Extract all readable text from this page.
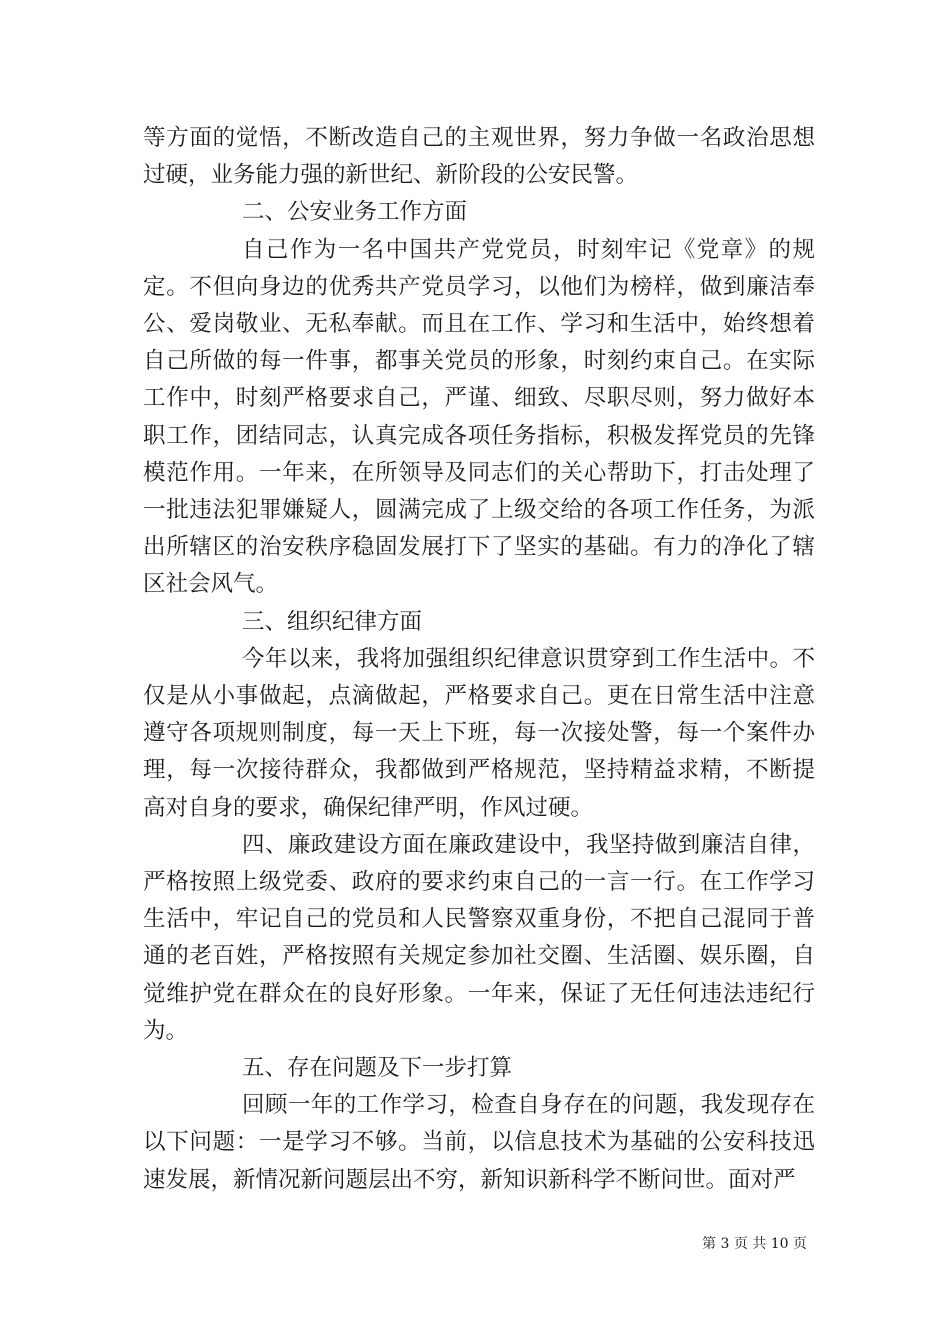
等方面的觉悟，不断改造自己的主观世界，努力争做一名政治思想过硬，业务能力强的新世纪、新阶段的公安民警。

二、公安业务工作方面

自己作为一名中国共产党党员，时刻牢记《党章》的规定。不但向身边的优秀共产党员学习，以他们为榜样，做到廉洁奉公、爱岗敬业、无私奉献。而且在工作、学习和生活中，始终想着自己所做的每一件事，都事关党员的形象，时刻约束自己。在实际工作中，时刻严格要求自己，严谨、细致、尽职尽则，努力做好本职工作，团结同志，认真完成各项任务指标，积极发挥党员的先锋模范作用。一年来，在所领导及同志们的关心帮助下，打击处理了一批违法犯罪嫌疑人，圆满完成了上级交给的各项工作任务，为派出所辖区的治安秩序稳固发展打下了坚实的基础。有力的净化了辖区社会风气。

三、组织纪律方面

今年以来，我将加强组织纪律意识贯穿到工作生活中。不仅是从小事做起，点滴做起，严格要求自己。更在日常生活中注意遵守各项规则制度，每一天上下班，每一次接处警，每一个案件办理，每一次接待群众，我都做到严格规范，坚持精益求精，不断提高对自身的要求，确保纪律严明，作风过硬。

四、廉政建设方面在廉政建设中，我坚持做到廉洁自律，严格按照上级党委、政府的要求约束自己的一言一行。在工作学习生活中，牢记自己的党员和人民警察双重身份，不把自己混同于普通的老百姓，严格按照有关规定参加社交圈、生活圈、娱乐圈，自觉维护党在群众在的良好形象。一年来，保证了无任何违法违纪行为。

五、存在问题及下一步打算

回顾一年的工作学习，检查自身存在的问题，我发现存在以下问题：一是学习不够。当前，以信息技术为基础的公安科技迅速发展，新情况新问题层出不穷，新知识新科学不断问世。面对严

第 3 页 共 10 页
